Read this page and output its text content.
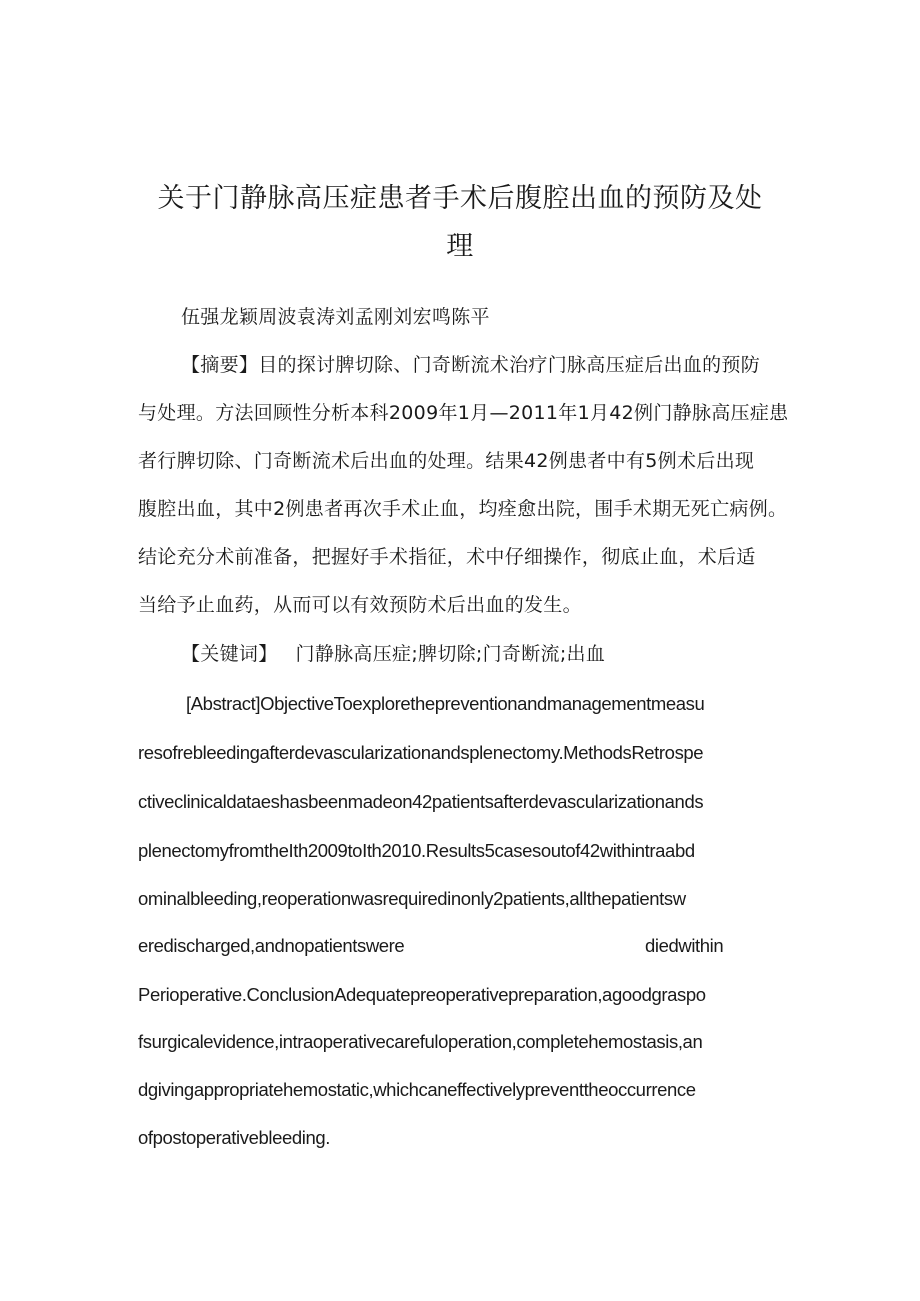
关于门静脉高压症患者手术后腹腔出血的预防及处
理

伍强龙颖周波袁涛刘孟刚刘宏鸣陈平

【摘要】目的探讨脾切除、门奇断流术治疗门脉高压症后出血的预防

与处理。方法回顾性分析本科2009年1月—2011年1月42例门静脉高压症患

者行脾切除、门奇断流术后出血的处理。结果42例患者中有5例术后出现

腹腔出血，其中2例患者再次手术止血，均痊愈出院，围手术期无死亡病例。

结论充分术前准备，把握好手术指征，术中仔细操作，彻底止血，术后适

当给予止血药，从而可以有效预防术后出血的发生。

【关键词】 门静脉高压症;脾切除;门奇断流;出血

[Abstract]ObjectiveToexplorethepreventionandmanagementmeasu

resofrebleedingafterdevascularizationandsplenectomy.MethodsRetrospe

ctiveclinicaldataeshasbeenmadeon42patientsafterdevascularizationands

plenectomyfromtheIth2009toIth2010.Results5casesoutof42withintraabd

ominalbleeding,reoperationwasrequiredinonly2patients,allthepatientsw

eredischarged,andnopatientswere	diedwithin

Perioperative.ConclusionAdequatepreoperativepreparation,agoodgraspo

fsurgicalevidence,intraoperativecarefuloperation,completehemostasis,an

dgivingappropriatehemostatic,whichcaneffectivelypreventtheoccurrence

ofpostoperativebleeding.
